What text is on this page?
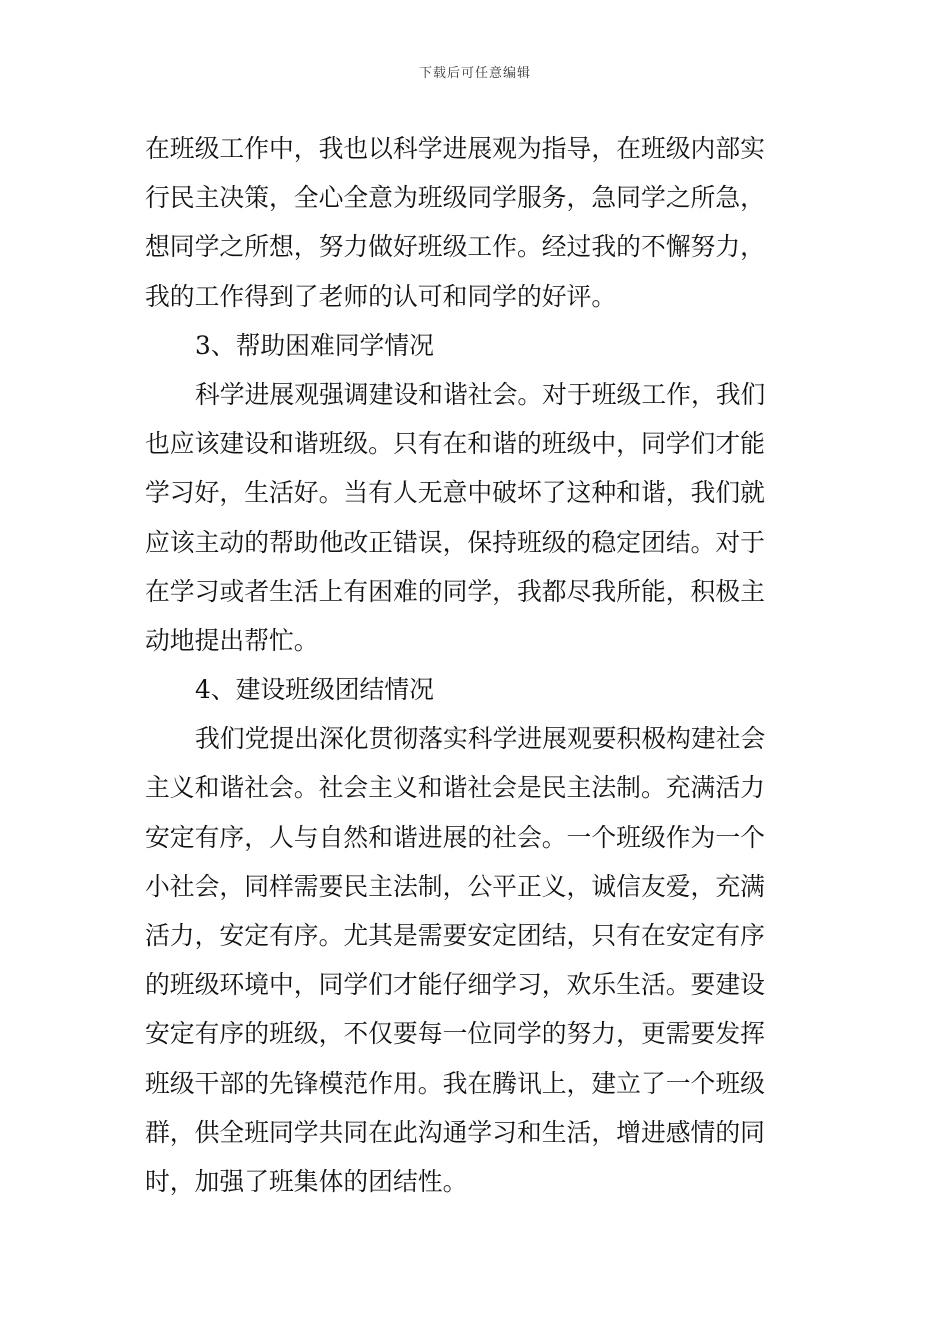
下载后可任意编辑
在班级工作中，我也以科学进展观为指导，在班级内部实
行民主决策，全心全意为班级同学服务，急同学之所急，
想同学之所想，努力做好班级工作。经过我的不懈努力，
我的工作得到了老师的认可和同学的好评。
3、帮助困难同学情况
科学进展观强调建设和谐社会。对于班级工作，我们
也应该建设和谐班级。只有在和谐的班级中，同学们才能
学习好，生活好。当有人无意中破坏了这种和谐，我们就
应该主动的帮助他改正错误，保持班级的稳定团结。对于
在学习或者生活上有困难的同学，我都尽我所能，积极主
动地提出帮忙。
4、建设班级团结情况
我们党提出深化贯彻落实科学进展观要积极构建社会
主义和谐社会。社会主义和谐社会是民主法制。充满活力
安定有序，人与自然和谐进展的社会。一个班级作为一个
小社会，同样需要民主法制，公平正义，诚信友爱，充满
活力，安定有序。尤其是需要安定团结，只有在安定有序
的班级环境中，同学们才能仔细学习，欢乐生活。要建设
安定有序的班级，不仅要每一位同学的努力，更需要发挥
班级干部的先锋模范作用。我在腾讯上，建立了一个班级
群，供全班同学共同在此沟通学习和生活，增进感情的同
时，加强了班集体的团结性。
